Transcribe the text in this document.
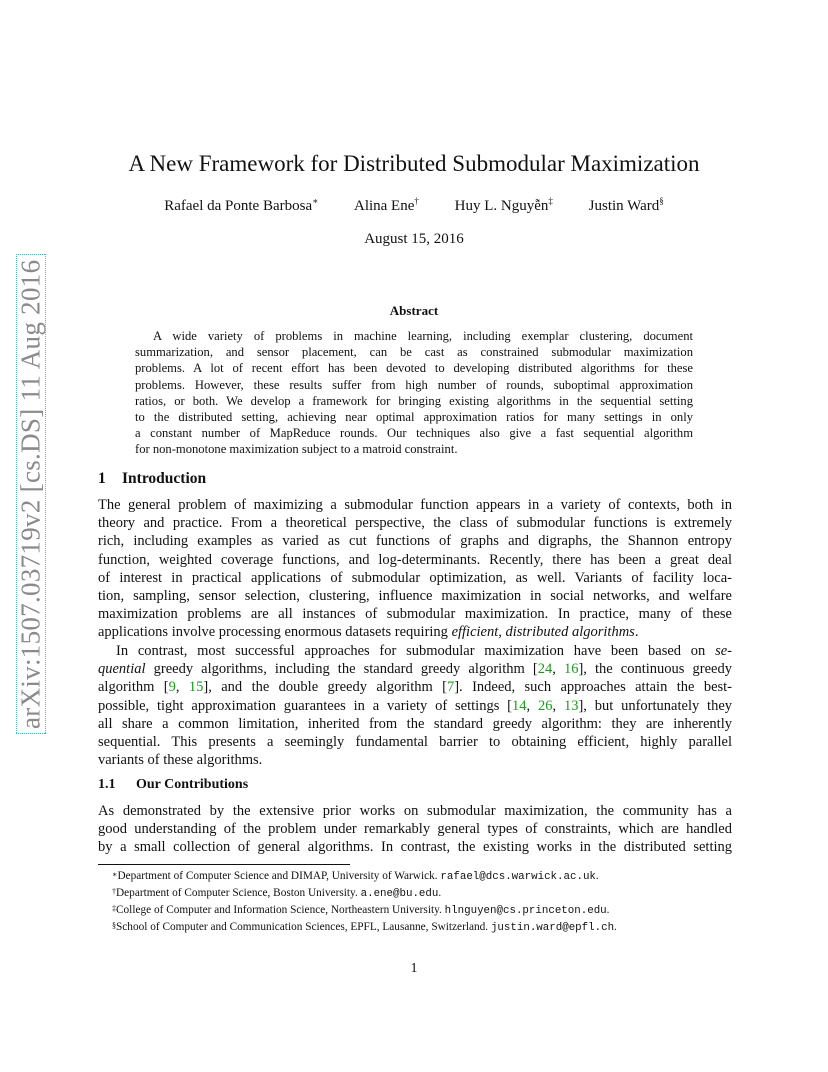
arXiv:1507.03719v2 [cs.DS] 11 Aug 2016
A New Framework for Distributed Submodular Maximization
Rafael da Ponte Barbosa∗ Alina Ene† Huy L. Nguyễn‡ Justin Ward§
August 15, 2016
Abstract
A wide variety of problems in machine learning, including exemplar clustering, document
summarization, and sensor placement, can be cast as constrained submodular maximization
problems. A lot of recent effort has been devoted to developing distributed algorithms for these
problems. However, these results suffer from high number of rounds, suboptimal approximation
ratios, or both. We develop a framework for bringing existing algorithms in the sequential setting
to the distributed setting, achieving near optimal approximation ratios for many settings in only
a constant number of MapReduce rounds. Our techniques also give a fast sequential algorithm
for non-monotone maximization subject to a matroid constraint.
1 Introduction
The general problem of maximizing a submodular function appears in a variety of contexts, both in
theory and practice. From a theoretical perspective, the class of submodular functions is extremely
rich, including examples as varied as cut functions of graphs and digraphs, the Shannon entropy
function, weighted coverage functions, and log-determinants. Recently, there has been a great deal
of interest in practical applications of submodular optimization, as well. Variants of facility loca-
tion, sampling, sensor selection, clustering, influence maximization in social networks, and welfare
maximization problems are all instances of submodular maximization. In practice, many of these
applications involve processing enormous datasets requiring efficient, distributed algorithms.
In contrast, most successful approaches for submodular maximization have been based on se-
quential greedy algorithms, including the standard greedy algorithm [24, 16], the continuous greedy
algorithm [9, 15], and the double greedy algorithm [7]. Indeed, such approaches attain the best-
possible, tight approximation guarantees in a variety of settings [14, 26, 13], but unfortunately they
all share a common limitation, inherited from the standard greedy algorithm: they are inherently
sequential. This presents a seemingly fundamental barrier to obtaining efficient, highly parallel
variants of these algorithms.
1.1 Our Contributions
As demonstrated by the extensive prior works on submodular maximization, the community has a
good understanding of the problem under remarkably general types of constraints, which are handled
by a small collection of general algorithms. In contrast, the existing works in the distributed setting
∗Department of Computer Science and DIMAP, University of Warwick. rafael@dcs.warwick.ac.uk.
†Department of Computer Science, Boston University. a.ene@bu.edu.
‡College of Computer and Information Science, Northeastern University. hlnguyen@cs.princeton.edu.
§School of Computer and Communication Sciences, EPFL, Lausanne, Switzerland. justin.ward@epfl.ch.
1
